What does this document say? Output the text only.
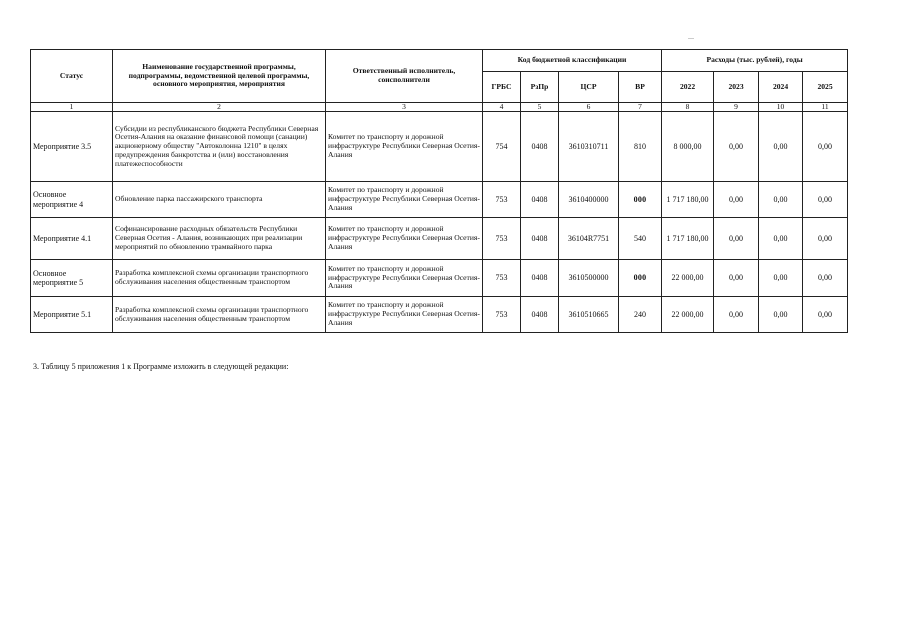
Статус	Наименование государственной программы, подпрограммы, ведомственной целевой программы, основного мероприятия, мероприятия	Ответственный исполнитель, соисполнители	Код бюджетной классификации				Расходы (тыс. рублей), годы			
			ГРБС	РзПр	ЦСР	ВР	2022	2023	2024	2025
1	2	3	4	5	6	7	8	9	10	11
Мероприятие 3.5	Субсидии из республиканского бюджета Республики Северная Осетия-Алания на оказание финансовой помощи (санации) акционерному обществу "Автоколонна 1210" в целях предупреждения банкротства и (или) восстановления платежеспособности	Комитет по транспорту и дорожной инфраструктуре Республики Северная Осетия-Алания	754	0408	3610310711	810	8 000,00	0,00	0,00	0,00
Основное мероприятие 4	Обновление парка пассажирского транспорта	Комитет по транспорту и дорожной инфраструктуре Республики Северная Осетия-Алания	753	0408	3610400000	000	1 717 180,00	0,00	0,00	0,00
Мероприятие 4.1	Софинансирование расходных обязательств Республики Северная Осетия - Алания, возникающих при реализации мероприятий по обновлению трамвайного парка	Комитет по транспорту и дорожной инфраструктуре Республики Северная Осетия-Алания	753	0408	36104R7751	540	1 717 180,00	0,00	0,00	0,00
Основное мероприятие 5	Разработка комплексной схемы организации транспортного обслуживания населения общественным транспортом	Комитет по транспорту и дорожной инфраструктуре Республики Северная Осетия-Алания	753	0408	3610500000	000	22 000,00	0,00	0,00	0,00
Мероприятие 5.1	Разработка комплексной схемы организации транспортного обслуживания населения общественным транспортом	Комитет по транспорту и дорожной инфраструктуре Республики Северная Осетия-Алания	753	0408	3610510665	240	22 000,00	0,00	0,00	0,00
3. Таблицу 5 приложения 1 к Программе изложить в следующей редакции:
